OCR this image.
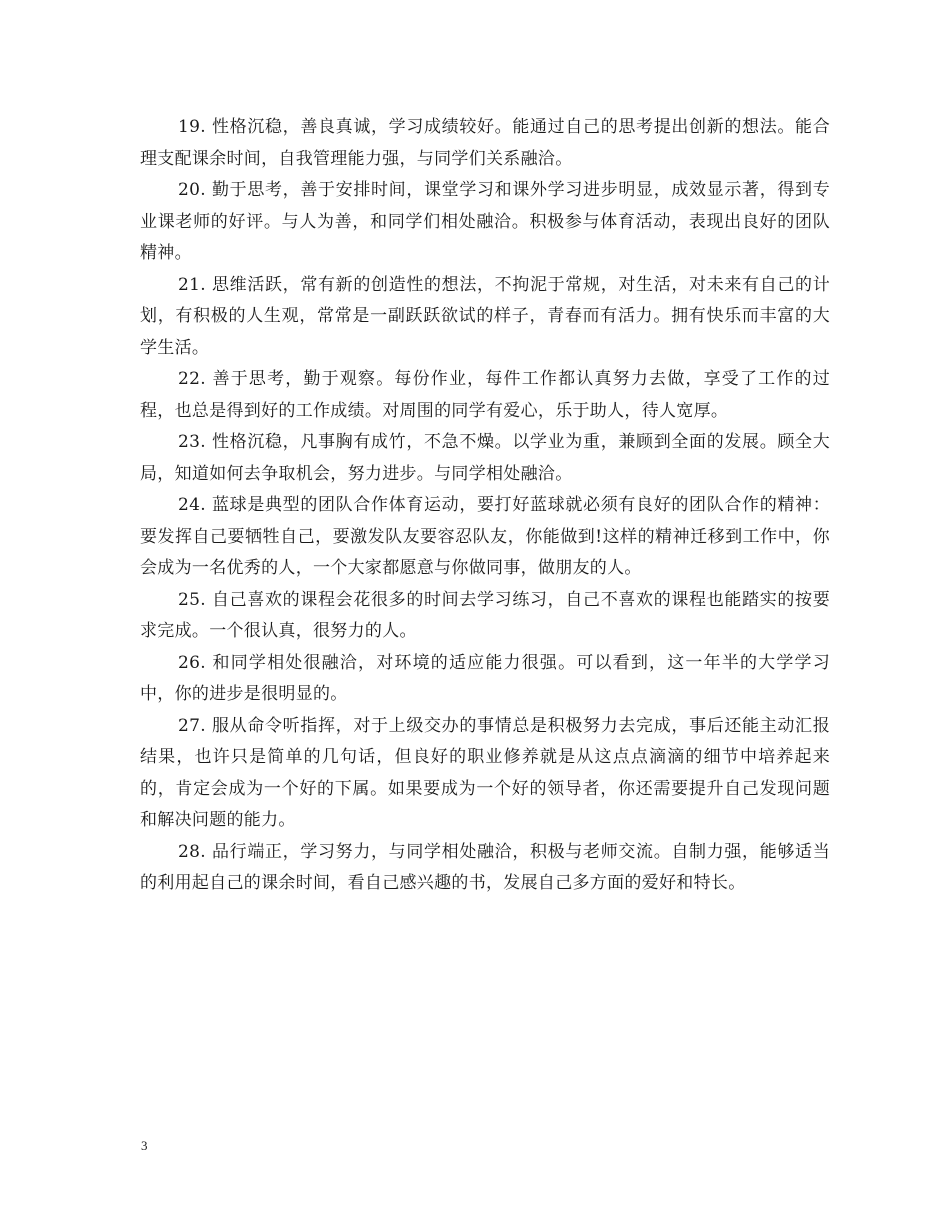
19. 性格沉稳，善良真诚，学习成绩较好。能通过自己的思考提出创新的想法。能合理支配课余时间，自我管理能力强，与同学们关系融洽。

20. 勤于思考，善于安排时间，课堂学习和课外学习进步明显，成效显示著，得到专业课老师的好评。与人为善，和同学们相处融洽。积极参与体育活动，表现出良好的团队精神。

21. 思维活跃，常有新的创造性的想法，不拘泥于常规，对生活，对未来有自己的计划，有积极的人生观，常常是一副跃跃欲试的样子，青春而有活力。拥有快乐而丰富的大学生活。

22. 善于思考，勤于观察。每份作业，每件工作都认真努力去做，享受了工作的过程，也总是得到好的工作成绩。对周围的同学有爱心，乐于助人，待人宽厚。

23. 性格沉稳，凡事胸有成竹，不急不燥。以学业为重，兼顾到全面的发展。顾全大局，知道如何去争取机会，努力进步。与同学相处融洽。

24. 蓝球是典型的团队合作体育运动，要打好蓝球就必须有良好的团队合作的精神：要发挥自己要牺牲自己，要激发队友要容忍队友，你能做到!这样的精神迁移到工作中，你会成为一名优秀的人，一个大家都愿意与你做同事，做朋友的人。

25. 自己喜欢的课程会花很多的时间去学习练习，自己不喜欢的课程也能踏实的按要求完成。一个很认真，很努力的人。

26. 和同学相处很融洽，对环境的适应能力很强。可以看到，这一年半的大学学习中，你的进步是很明显的。

27. 服从命令听指挥，对于上级交办的事情总是积极努力去完成，事后还能主动汇报结果，也许只是简单的几句话，但良好的职业修养就是从这点点滴滴的细节中培养起来的，肯定会成为一个好的下属。如果要成为一个好的领导者，你还需要提升自己发现问题和解决问题的能力。

28. 品行端正，学习努力，与同学相处融洽，积极与老师交流。自制力强，能够适当的利用起自己的课余时间，看自己感兴趣的书，发展自己多方面的爱好和特长。

3
